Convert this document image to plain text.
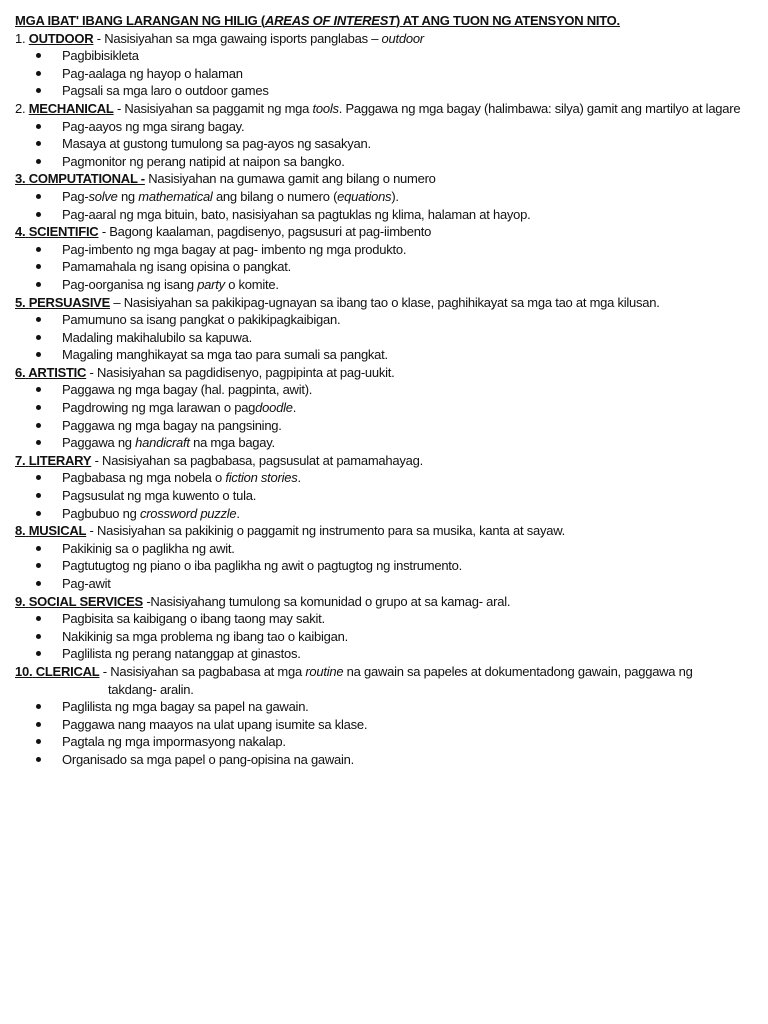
MGA IBAT' IBANG LARANGAN NG HILIG (AREAS OF INTEREST) AT ANG TUON NG ATENSYON NITO.
1. OUTDOOR - Nasisiyahan sa mga gawaing isports panglabas – outdoor
Pagbibisikleta
Pag-aalaga ng hayop o halaman
Pagsali sa mga laro o outdoor games
2. MECHANICAL - Nasisiyahan sa paggamit ng mga tools. Paggawa ng mga bagay (halimbawa: silya) gamit ang martilyo at lagare
Pag-aayos ng mga sirang bagay.
Masaya at gustong tumulong sa pag-ayos ng sasakyan.
Pagmonitor ng perang natipid at naipon sa bangko.
3. COMPUTATIONAL - Nasisiyahan na gumawa gamit ang bilang o numero
Pag-solve ng mathematical ang bilang o numero (equations).
Pag-aaral ng mga bituin, bato, nasisiyahan sa pagtuklas ng klima, halaman at hayop.
4. SCIENTIFIC - Bagong kaalaman, pagdisenyo, pagsusuri at pag-iimbento
Pag-imbento ng mga bagay at pag- imbento ng mga produkto.
Pamamahala ng isang opisina o pangkat.
Pag-oorganisa ng isang party o komite.
5. PERSUASIVE – Nasisiyahan sa pakikipag-ugnayan sa ibang tao o klase, paghihikayat sa mga tao at mga kilusan.
Pamumuno sa isang pangkat o pakikipagkaibigan.
Madaling makihalubilo sa kapuwa.
Magaling manghikayat sa mga tao para sumali sa pangkat.
6. ARTISTIC - Nasisiyahan sa pagdidisenyo, pagpipinta at pag-uukit.
Paggawa ng mga bagay (hal. pagpinta, awit).
Pagdrowing ng mga larawan o pagdoodle.
Paggawa ng mga bagay na pangsining.
Paggawa ng handicraft na mga bagay.
7. LITERARY - Nasisiyahan sa pagbabasa, pagsusulat at pamamahayag.
Pagbabasa ng mga nobela o fiction stories.
Pagsusulat ng mga kuwento o tula.
Pagbubuo ng crossword puzzle.
8. MUSICAL - Nasisiyahan sa pakikinig o paggamit ng instrumento para sa musika, kanta at sayaw.
Pakikinig sa o paglikha ng awit.
Pagtutugtog ng piano o iba paglikha ng awit o pagtugtog ng instrumento.
Pag-awit
9. SOCIAL SERVICES -Nasisiyahang tumulong sa komunidad o grupo at sa kamag- aral.
Pagbisita sa kaibigang o ibang taong may sakit.
Nakikinig sa mga problema ng ibang tao o kaibigan.
Paglilista ng perang natanggap at ginastos.
10. CLERICAL - Nasisiyahan sa pagbabasa at mga routine na gawain sa papeles at dokumentadong gawain, paggawa ng
takdang- aralin.
Paglilista ng mga bagay sa papel na gawain.
Paggawa nang maayos na ulat upang isumite sa klase.
Pagtala ng mga impormasyong nakalap.
Organisado sa mga papel o pang-opisina na gawain.
